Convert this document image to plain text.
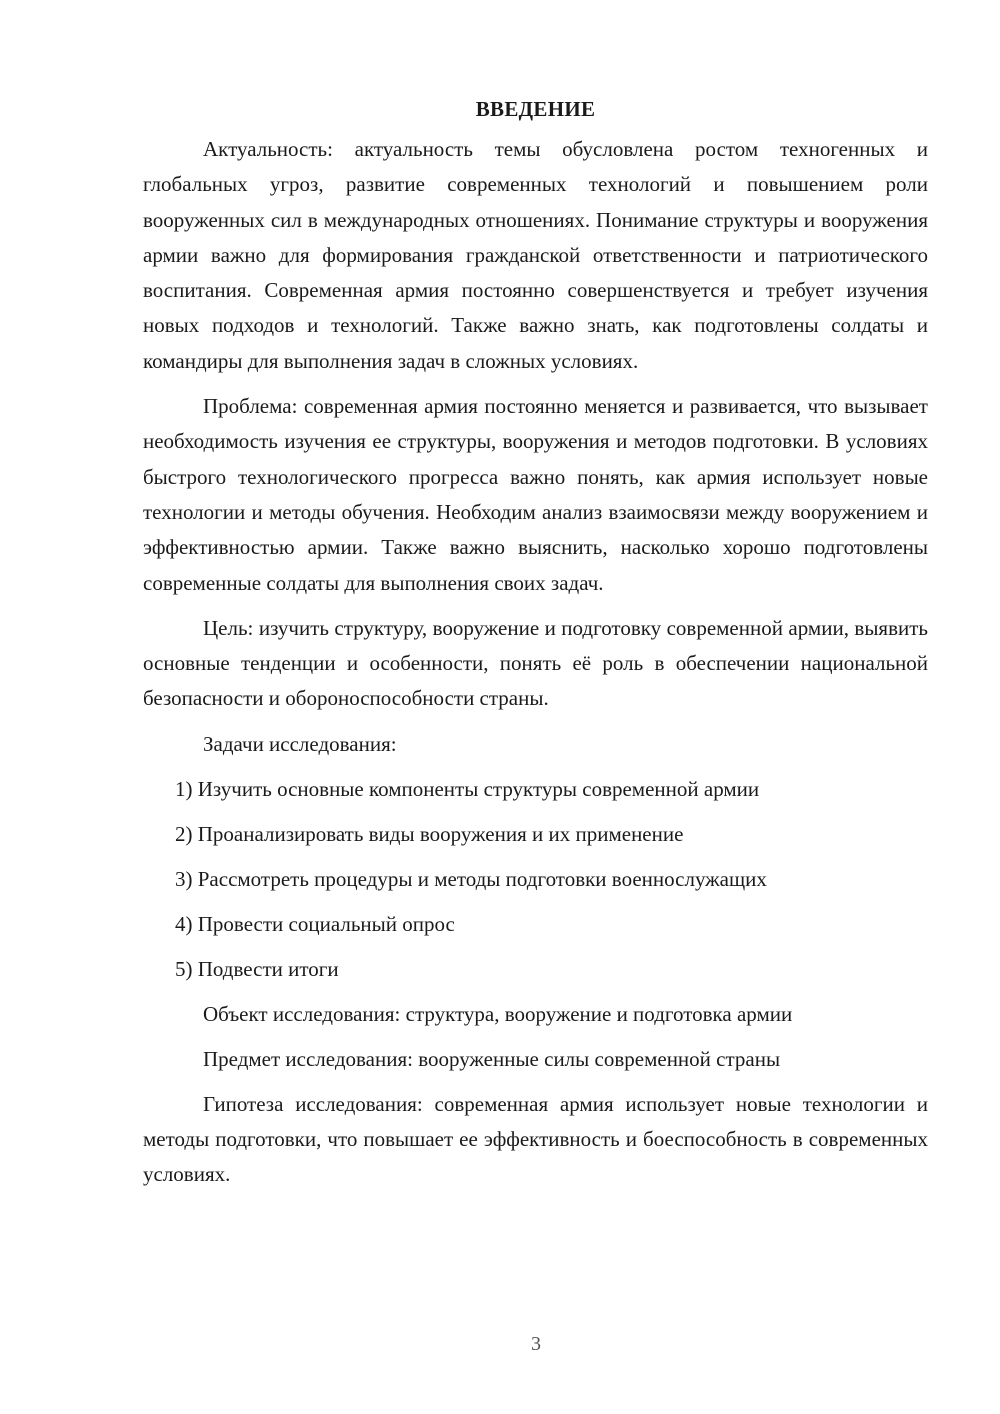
ВВЕДЕНИЕ

Актуальность: актуальность темы обусловлена ростом техногенных и глобальных угроз, развитие современных технологий и повышением роли вооруженных сил в международных отношениях. Понимание структуры и вооружения армии важно для формирования гражданской ответственности и патриотического воспитания. Современная армия постоянно совершенствуется и требует изучения новых подходов и технологий. Также важно знать, как подготовлены солдаты и командиры для выполнения задач в сложных условиях.

Проблема: современная армия постоянно меняется и развивается, что вызывает необходимость изучения ее структуры, вооружения и методов подготовки. В условиях быстрого технологического прогресса важно понять, как армия использует новые технологии и методы обучения. Необходим анализ взаимосвязи между вооружением и эффективностью армии. Также важно выяснить, насколько хорошо подготовлены современные солдаты для выполнения своих задач.

Цель: изучить структуру, вооружение и подготовку современной армии, выявить основные тенденции и особенности, понять её роль в обеспечении национальной безопасности и обороноспособности страны.

Задачи исследования:
1) Изучить основные компоненты структуры современной армии
2) Проанализировать виды вооружения и их применение
3) Рассмотреть процедуры и методы подготовки военнослужащих
4) Провести социальный опрос
5) Подвести итоги
Объект исследования: структура, вооружение и подготовка армии
Предмет исследования: вооруженные силы современной страны

Гипотеза исследования: современная армия использует новые технологии и методы подготовки, что повышает ее эффективность и боеспособность в современных условиях.

3
